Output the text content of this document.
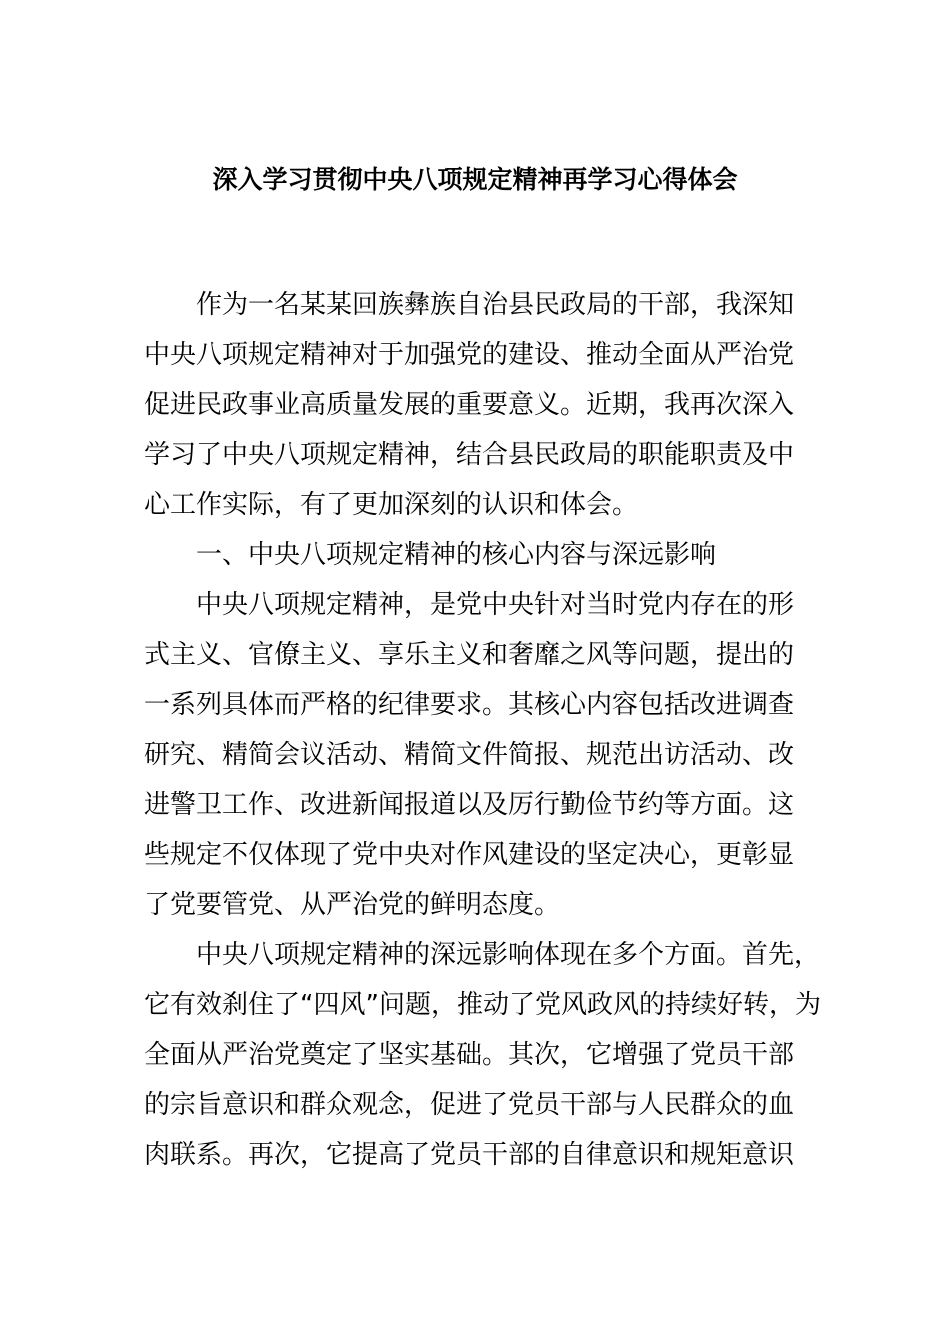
深入学习贯彻中央八项规定精神再学习心得体会
作为一名某某回族彝族自治县民政局的干部，我深知
中央八项规定精神对于加强党的建设、推动全面从严治党
促进民政事业高质量发展的重要意义。近期，我再次深入
学习了中央八项规定精神，结合县民政局的职能职责及中
心工作实际，有了更加深刻的认识和体会。
一、中央八项规定精神的核心内容与深远影响
中央八项规定精神，是党中央针对当时党内存在的形
式主义、官僚主义、享乐主义和奢靡之风等问题，提出的
一系列具体而严格的纪律要求。其核心内容包括改进调查
研究、精简会议活动、精简文件简报、规范出访活动、改
进警卫工作、改进新闻报道以及厉行勤俭节约等方面。这
些规定不仅体现了党中央对作风建设的坚定决心，更彰显
了党要管党、从严治党的鲜明态度。
中央八项规定精神的深远影响体现在多个方面。首先，
它有效刹住了“四风”问题，推动了党风政风的持续好转，为
全面从严治党奠定了坚实基础。其次，它增强了党员干部
的宗旨意识和群众观念，促进了党员干部与人民群众的血
肉联系。再次，它提高了党员干部的自律意识和规矩意识
